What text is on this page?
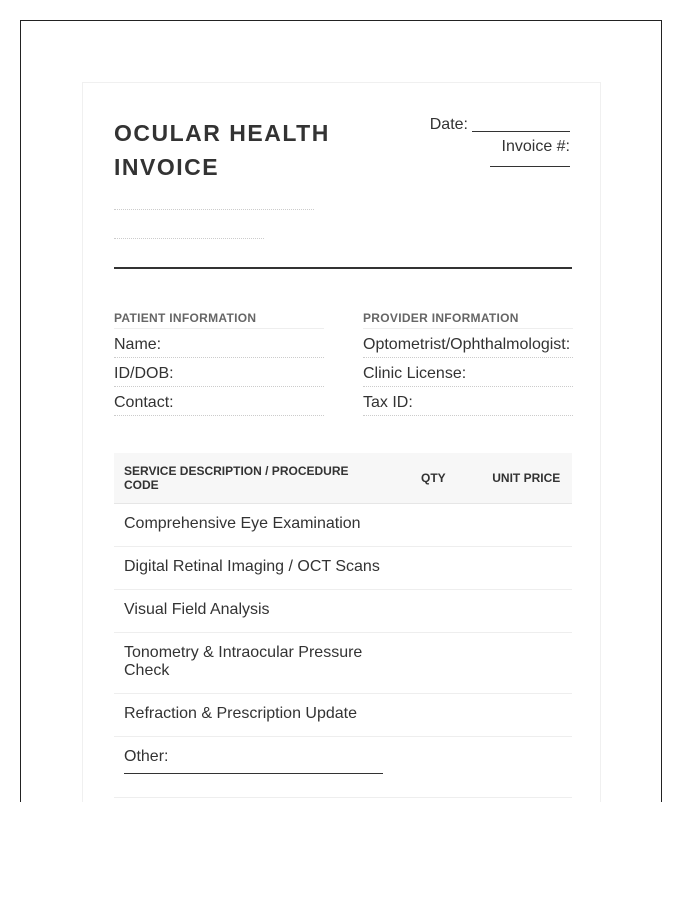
OCULAR HEALTH INVOICE
Date:
Invoice #:
PATIENT INFORMATION
Name:
ID/DOB:
Contact:
PROVIDER INFORMATION
Optometrist/Ophthalmologist:
Clinic License:
Tax ID:
SERVICE DESCRIPTION / PROCEDURE CODE	QTY	UNIT PRICE
Comprehensive Eye Examination		
Digital Retinal Imaging / OCT Scans		
Visual Field Analysis		
Tonometry & Intraocular Pressure Check		
Refraction & Prescription Update		
Other:
